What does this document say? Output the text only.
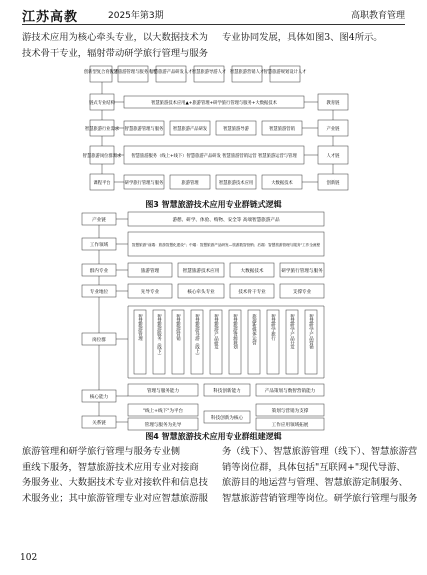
江苏高教	2025年第3期	高职教育管理
游技术应用为核心牵头专业，以大数据技术为
技术骨干专业，辐射带动研学旅行管理与服务
专业协同发展，具体如图3、图4所示。
创新型复合育人才
智慧旅游管理与服务人才
智慧旅游产品研发人才 智慧旅游导游人才 智慧旅游营销人才 智慧旅游规划设计人才
链式专业结构	智慧旅游技术应用▲+旅游管理+研学旅行管理与服务+大数据技术	教育链
智慧旅游行业需求 智慧旅游管理与服务 智慧旅游产品研发	智慧旅游导游	智慧旅游营销	产业链
智慧旅游岗位群需求 智慧旅游服务（线上+线下）智慧旅游产品研发 智慧旅游营销运营 智慧旅游运营与管理	人才链
课程平台	研学旅行管理与服务	旅游管理	智慧旅游技术应用	大数据技术	创新链
图3 智慧旅游技术应用专业群链式逻辑
产业链	游憩、研学、体验、购物、安全等 高端智慧旅游产品
工作领域	智慧旅游"前端：旅游智慧化建设"；中端：智慧旅游产品研发—旅游数智营销；后端：智慧旅游管理与服务"工作全流程
群内专业	旅游管理	智慧旅游技术应用	大数据技术	研学旅行管理与服务
专业地位	先导专业	核心牵头专业	技术骨干专业	支撑专业
岗位群
核心能力
管理与服务能力	科技创新能力	产品策划与数智营销能力
关系链
"线上+线下"为平台
管理与服务为先导
科技创新为核心
策划与营销为支撑
工作应用领域拓展
智慧旅游管理	智慧旅游服务（线下）	智慧旅游营销	智慧旅游导游（线上）	智慧旅游产品研发	智慧旅游资源规划	旅游新媒体运营	智慧研学旅行	智慧研学产品开发	智慧研学产品营销
图4 智慧旅游技术应用专业群组建逻辑
旅游管理和研学旅行管理与服务专业侧
重线下服务，智慧旅游技术应用专业对接商
务服务业、大数据技术专业对接软件和信息技
术服务业；其中旅游管理专业对应智慧旅游服
务（线下）、智慧旅游管理（线下）、智慧旅游营
销等岗位群，具体包括"互联网+"现代导游、
旅游目的地运营与管理、智慧旅游定制服务、
智慧旅游营销管理等岗位。研学旅行管理与服务
102
